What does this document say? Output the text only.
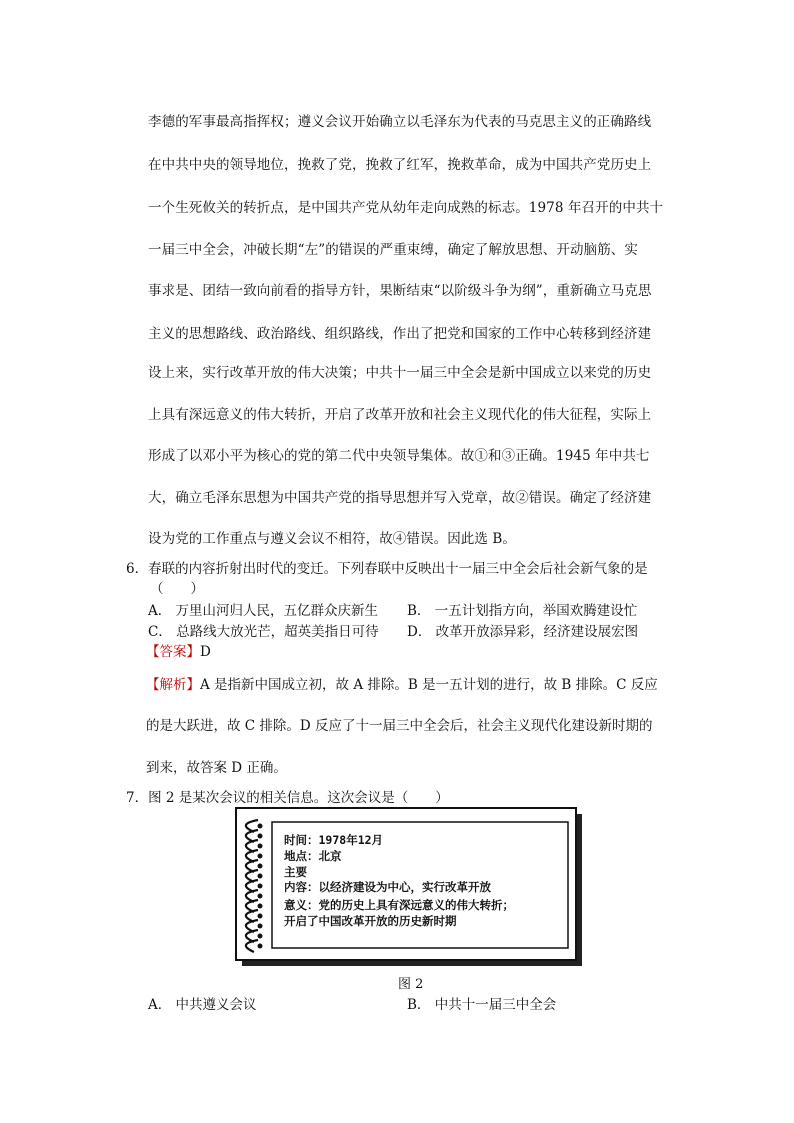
李德的军事最高指挥权；遵义会议开始确立以毛泽东为代表的马克思主义的正确路线
在中共中央的领导地位，挽救了党，挽救了红军，挽救革命，成为中国共产党历史上
一个生死攸关的转折点，是中国共产党从幼年走向成熟的标志。1978 年召开的中共十
一届三中全会，冲破长期“左”的错误的严重束缚，确定了解放思想、开动脑筋、实
事求是、团结一致向前看的指导方针，果断结束“以阶级斗争为纲”，重新确立马克思
主义的思想路线、政治路线、组织路线，作出了把党和国家的工作中心转移到经济建
设上来，实行改革开放的伟大决策；中共十一届三中全会是新中国成立以来党的历史
上具有深远意义的伟大转折，开启了改革开放和社会主义现代化的伟大征程，实际上
形成了以邓小平为核心的党的第二代中央领导集体。故①和③正确。1945 年中共七
大，确立毛泽东思想为中国共产党的指导思想并写入党章，故②错误。确定了经济建
设为党的工作重点与遵义会议不相符，故④错误。因此选 B。
6．春联的内容折射出时代的变迁。下列春联中反映出十一届三中全会后社会新气象的是
（　　）
A． 万里山河归人民，五亿群众庆新生 B． 一五计划指方向，举国欢腾建设忙
C． 总路线大放光芒，超英美指日可待 D． 改革开放添异彩，经济建设展宏图
【答案】D
【解析】A 是指新中国成立初，故 A 排除。B 是一五计划的进行，故 B 排除。C 反应
的是大跃进，故 C 排除。D 反应了十一届三中全会后，社会主义现代化建设新时期的
到来，故答案 D 正确。
7．图 2 是某次会议的相关信息。这次会议是（　　）
时间：1978年12月
地点：北京
主要
内容：以经济建设为中心，实行改革开放
意义：党的历史上具有深远意义的伟大转折；
开启了中国改革开放的历史新时期
图 2
A． 中共遵义会议	B． 中共十一届三中全会
